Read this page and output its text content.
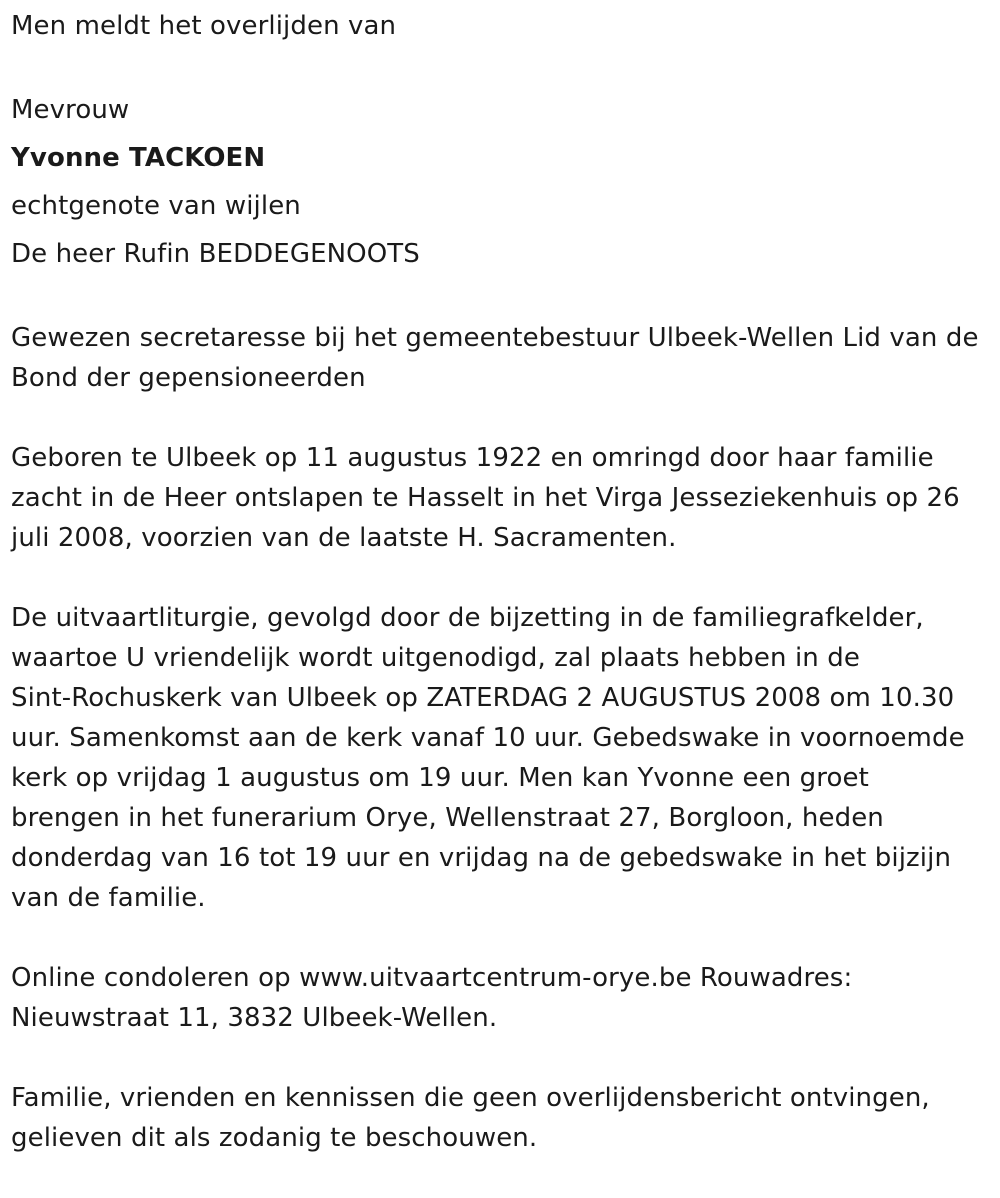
Men meldt het overlijden van

Mevrouw

Yvonne TACKOEN

echtgenote van wijlen

De heer Rufin BEDDEGENOOTS

Gewezen secretaresse bij het gemeentebestuur Ulbeek-Wellen Lid van de

Bond der gepensioneerden

Geboren te Ulbeek op 11 augustus 1922 en omringd door haar familie

zacht in de Heer ontslapen te Hasselt in het Virga Jesseziekenhuis op 26

juli 2008, voorzien van de laatste H. Sacramenten.

De uitvaartliturgie, gevolgd door de bijzetting in de familiegrafkelder,

waartoe U vriendelijk wordt uitgenodigd, zal plaats hebben in de

Sint-Rochuskerk van Ulbeek op ZATERDAG 2 AUGUSTUS 2008 om 10.30

uur. Samenkomst aan de kerk vanaf 10 uur. Gebedswake in voornoemde

kerk op vrijdag 1 augustus om 19 uur. Men kan Yvonne een groet

brengen in het funerarium Orye, Wellenstraat 27, Borgloon, heden

donderdag van 16 tot 19 uur en vrijdag na de gebedswake in het bijzijn

van de familie.

Online condoleren op www.uitvaartcentrum-orye.be Rouwadres:

Nieuwstraat 11, 3832 Ulbeek-Wellen.

Familie, vrienden en kennissen die geen overlijdensbericht ontvingen,

gelieven dit als zodanig te beschouwen.
